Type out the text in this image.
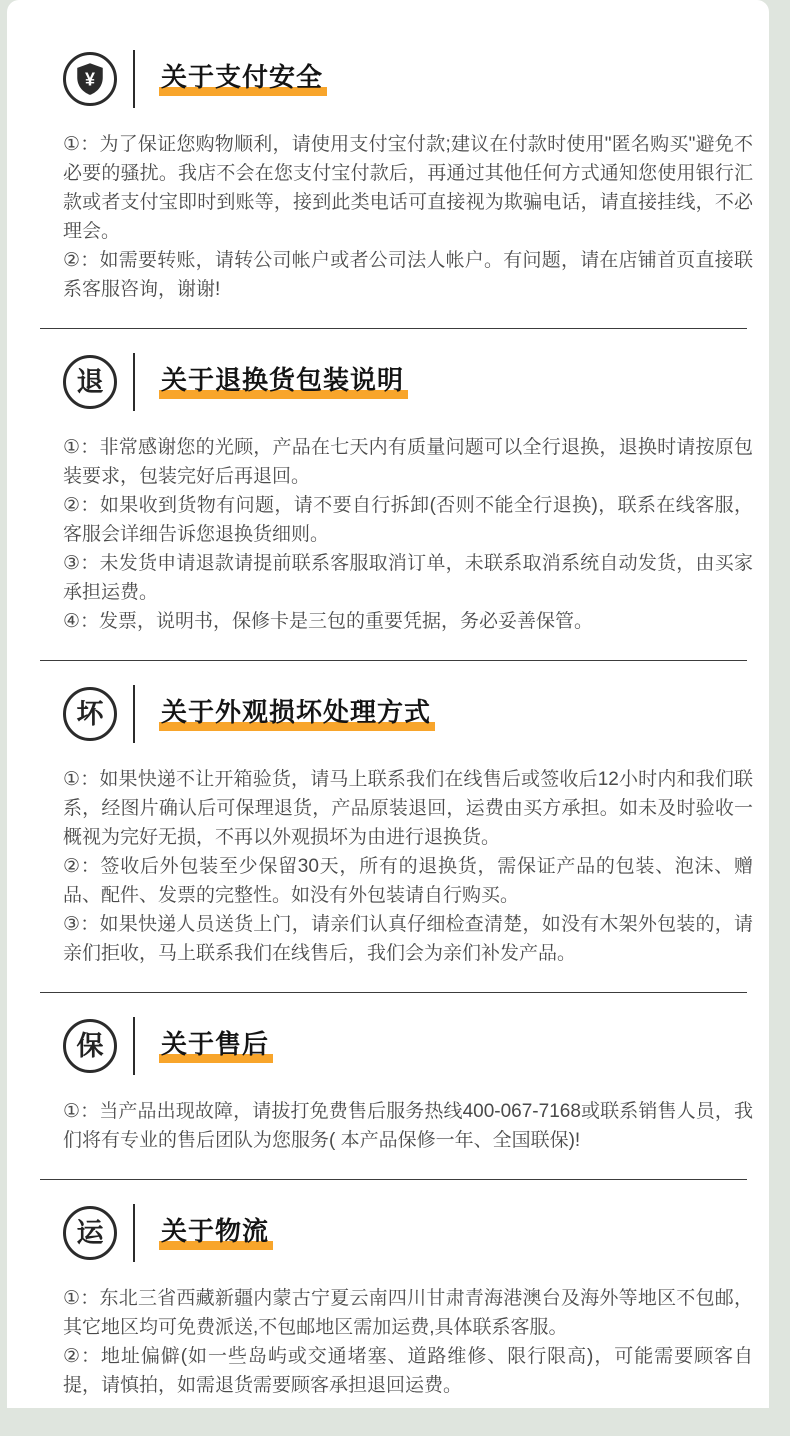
¥	关于支付安全

①：为了保证您购物顺利，请使用支付宝付款;建议在付款时使用"匿名购买"避免不必要的骚扰。我店不会在您支付宝付款后，再通过其他任何方式通知您使用银行汇款或者支付宝即时到账等，接到此类电话可直接视为欺骗电话，请直接挂线，不必理会。

②：如需要转账，请转公司帐户或者公司法人帐户。有问题，请在店铺首页直接联系客服咨询，谢谢!

退 关于退换货包装说明

①：非常感谢您的光顾，产品在七天内有质量问题可以全行退换，退换时请按原包装要求，包装完好后再退回。

②：如果收到货物有问题，请不要自行拆卸(否则不能全行退换)，联系在线客服，客服会详细告诉您退换货细则。

③：未发货申请退款请提前联系客服取消订单，未联系取消系统自动发货，由买家承担运费。

④：发票，说明书，保修卡是三包的重要凭据，务必妥善保管。

坏 关于外观损坏处理方式

①：如果快递不让开箱验货，请马上联系我们在线售后或签收后12小时内和我们联系，经图片确认后可保理退货，产品原装退回，运费由买方承担。如未及时验收一概视为完好无损，不再以外观损坏为由进行退换货。

②：签收后外包装至少保留30天，所有的退换货，需保证产品的包装、泡沫、赠品、配件、发票的完整性。如没有外包装请自行购买。

③：如果快递人员送货上门，请亲们认真仔细检查清楚，如没有木架外包装的，请亲们拒收，马上联系我们在线售后，我们会为亲们补发产品。

保 关于售后

①：当产品出现故障，请拔打免费售后服务热线400-067-7168或联系销售人员，我们将有专业的售后团队为您服务( 本产品保修一年、全国联保)!

运 关于物流

①：东北三省西藏新疆内蒙古宁夏云南四川甘肃青海港澳台及海外等地区不包邮，其它地区均可免费派送,不包邮地区需加运费,具体联系客服。

②：地址偏僻(如一些岛屿或交通堵塞、道路维修、限行限高)，可能需要顾客自提，请慎拍，如需退货需要顾客承担退回运费。
